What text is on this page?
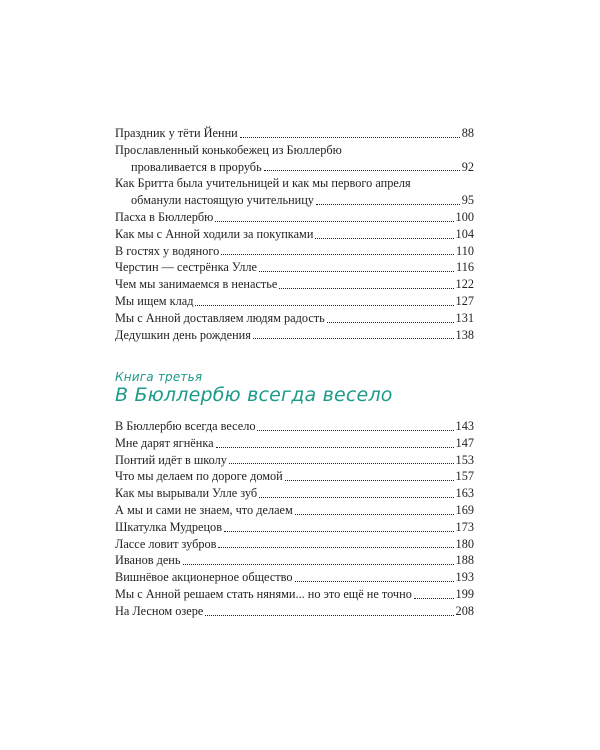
Праздник у тёти Йенни	88
Прославленный конькобежец из Бюллербю
проваливается в прорубь	92
Как Бритта была учительницей и как мы первого апреля
обманули настоящую учительницу	95
Пасха в Бюллербю	100
Как мы с Анной ходили за покупками	104
В гостях у водяного	110
Черстин — сестрёнка Улле	116
Чем мы занимаемся в ненастье	122
Мы ищем клад	127
Мы с Анной доставляем людям радость	131
Дедушкин день рождения	138
Книга третья
В Бюллербю всегда весело
В Бюллербю всегда весело	143
Мне дарят ягнёнка	147
Понтий идёт в школу	153
Что мы делаем по дороге домой	157
Как мы вырывали Улле зуб	163
А мы и сами не знаем, что делаем	169
Шкатулка Мудрецов	173
Лассе ловит зубров	180
Иванов день	188
Вишнёвое акционерное общество	193
Мы с Анной решаем стать нянями... но это ещё не точно	199
На Лесном озере	208
